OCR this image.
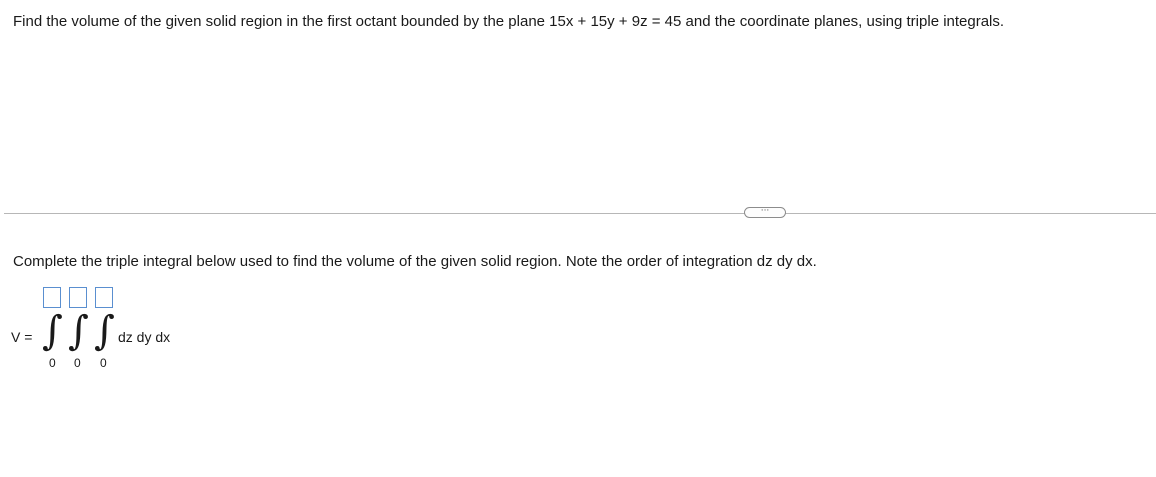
Find the volume of the given solid region in the first octant bounded by the plane 15x + 15y + 9z = 45 and the coordinate planes, using triple integrals.
···
Complete the triple integral below used to find the volume of the given solid region. Note the order of integration dz dy dx.
V = ∫ ∫ ∫
0 0 0
dz dy dx
